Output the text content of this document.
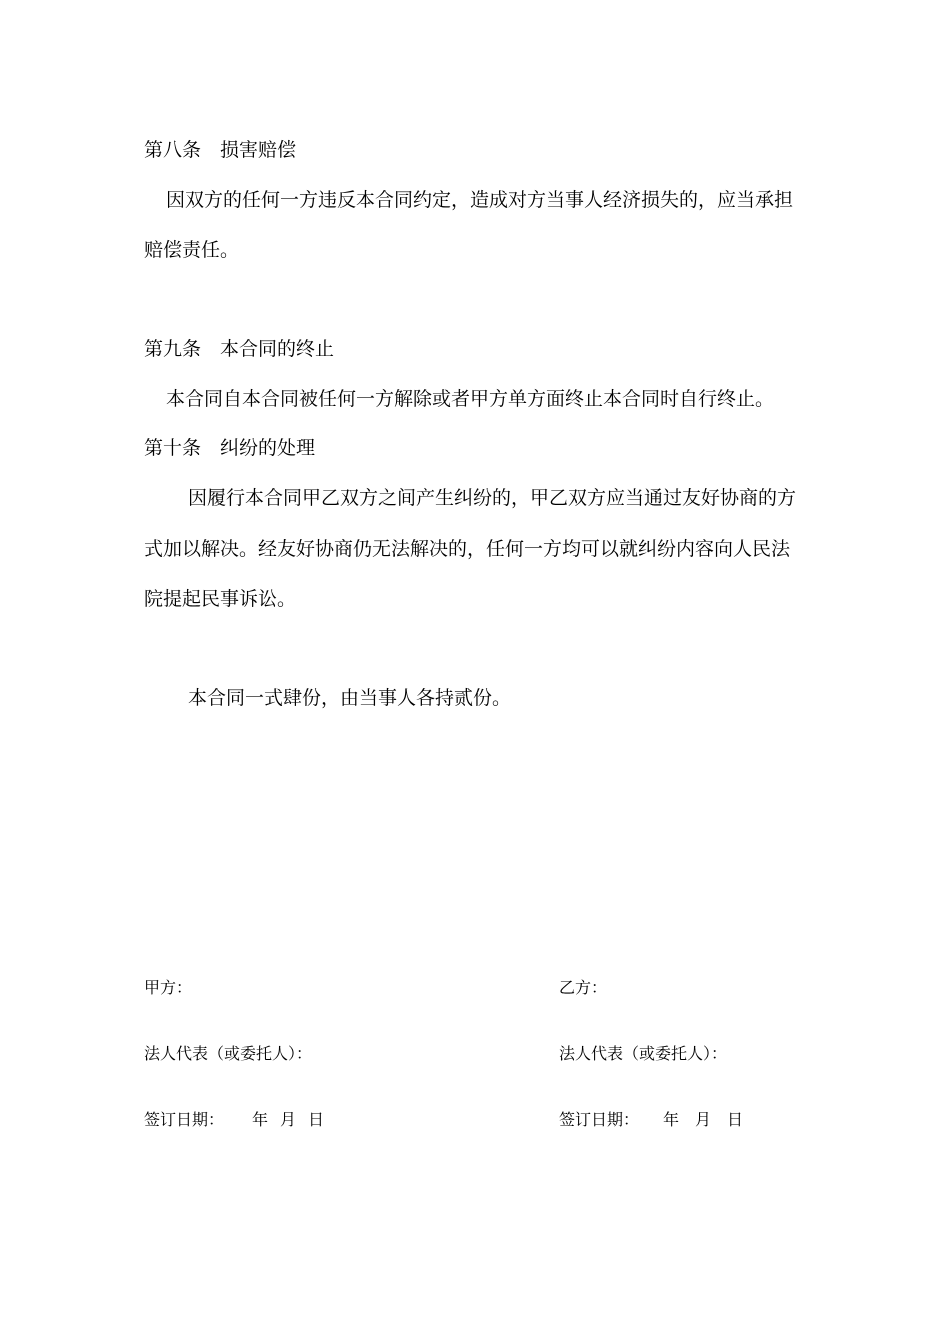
第八条 损害赔偿
因双方的任何一方违反本合同约定，造成对方当事人经济损失的，应当承担
赔偿责任。
第九条 本合同的终止
本合同自本合同被任何一方解除或者甲方单方面终止本合同时自行终止。
第十条 纠纷的处理
因履行本合同甲乙双方之间产生纠纷的，甲乙双方应当通过友好协商的方
式加以解决。经友好协商仍无法解决的，任何一方均可以就纠纷内容向人民法
院提起民事诉讼。
本合同一式肆份，由当事人各持贰份。
甲方：
法人代表（或委托人）：
签订日期： 年 月 日
乙方：
法人代表（或委托人）：
签订日期： 年 月 日
